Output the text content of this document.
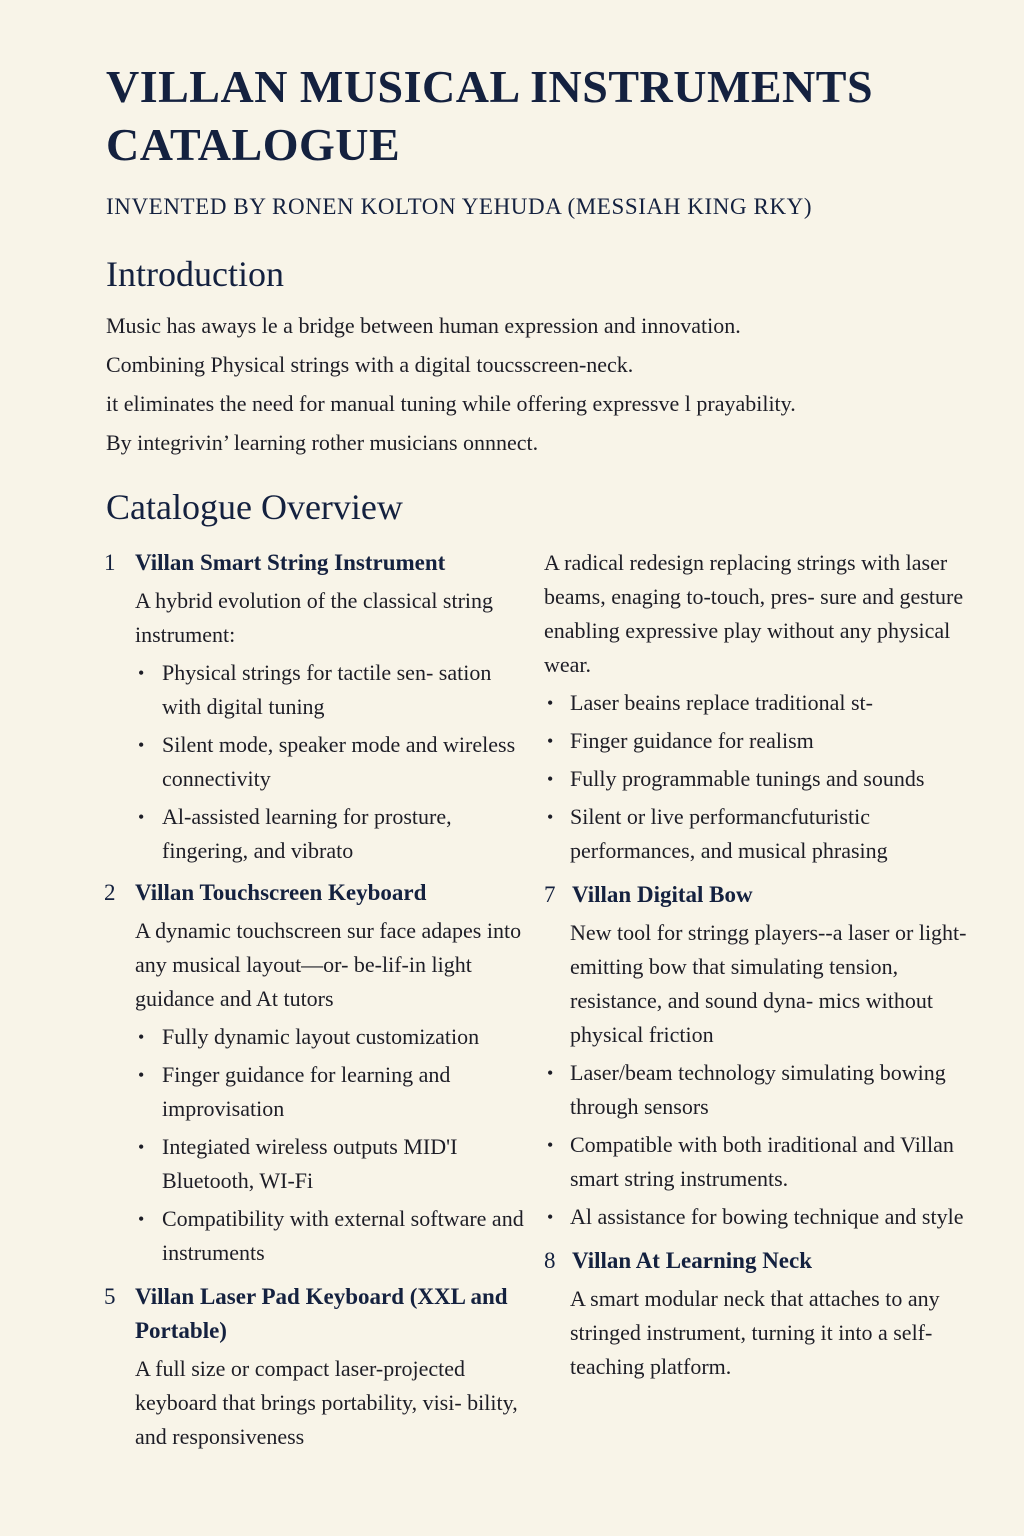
VILLAN MUSICAL INSTRUMENTS CATALOGUE

INVENTED BY RONEN KOLTON YEHUDA (MESSIAH KING RKY)

Introduction

Music has aways le a bridge between human expression and innovation.

Combining Physical strings with a digital toucsscreen-neck.

it eliminates the need for manual tuning while offering expressve l prayability.

By integrivin’ learning rother musicians onnnect.

Catalogue Overview
1 Villan Smart String Instrument
A hybrid evolution of the classical string instrument:
• Physical strings for tactile sen- sation with digital tuning
• Silent mode, speaker mode and wireless connectivity
• Al-assisted learning for prosture, fingering, and vibrato
2 Villan Touchscreen Keyboard
A dynamic touchscreen sur face adapes into any musical layout—or- be-lif-in light guidance and At tutors
• Fully dynamic layout customization
• Finger guidance for learning and improvisation
• Integiated wireless outputs MID'I Bluetooth, WI-Fi
• Compatibility with external software and instruments
5 Villan Laser Pad Keyboard (XXL and Portable)
A full size or compact laser-projected keyboard that brings portability, visi- bility, and responsiveness
A radical redesign replacing strings with laser beams, enaging to-touch, pres- sure and gesture enabling expressive play without any physical wear.
• Laser beains replace traditional st-
• Finger guidance for realism
• Fully programmable tunings and sounds
• Silent or live performancfuturistic performances, and musical phrasing
7 Villan Digital Bow
New tool for stringg players--a laser or light-emitting bow that simulating tension, resistance, and sound dyna- mics without physical friction
• Laser/beam technology simulating bowing through sensors
• Compatible with both iraditional and Villan smart string instruments.
• Al assistance for bowing technique and style
8 Villan At Learning Neck
A smart modular neck that attaches to any stringed instrument, turning it into a self-teaching platform.
